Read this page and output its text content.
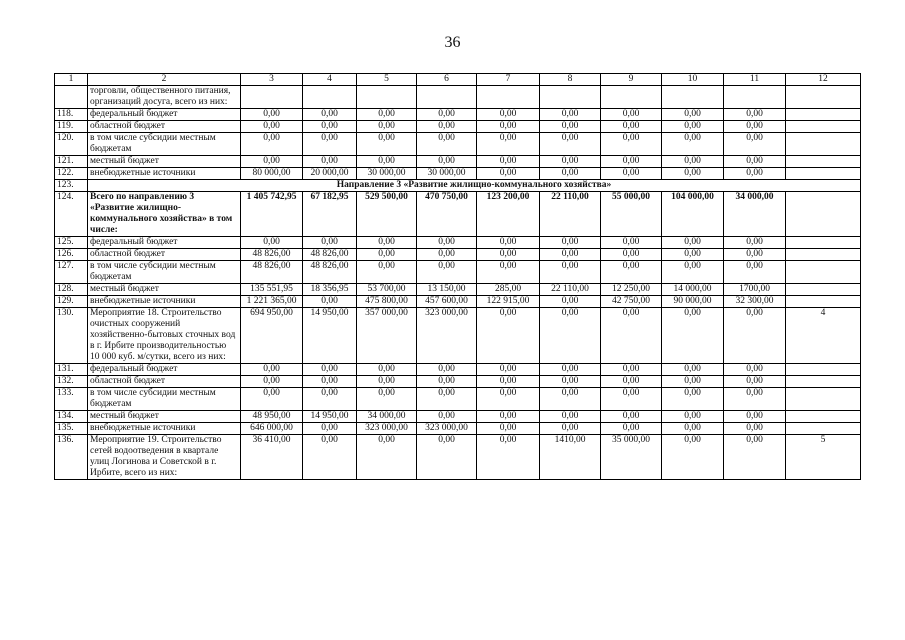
36
1	2	3	4	5	6	7	8	9	10	11	12
	торговли, общественного питания, организаций досуга, всего из них:										
118.	федеральный бюджет	0,00	0,00	0,00	0,00	0,00	0,00	0,00	0,00	0,00	
119.	областной бюджет	0,00	0,00	0,00	0,00	0,00	0,00	0,00	0,00	0,00	
120.	в том числе субсидии местным бюджетам	0,00	0,00	0,00	0,00	0,00	0,00	0,00	0,00	0,00	
121.	местный бюджет	0,00	0,00	0,00	0,00	0,00	0,00	0,00	0,00	0,00	
122.	внебюджетные источники	80 000,00	20 000,00	30 000,00	30 000,00	0,00	0,00	0,00	0,00	0,00	
123.	Направление 3 «Развитие жилищно-коммунального хозяйства»										
124.	Всего по направлению 3 «Развитие жилищно-коммунального хозяйства» в том числе:	1 405 742,95	67 182,95	529 500,00	470 750,00	123 200,00	22 110,00	55 000,00	104 000,00	34 000,00	
125.	федеральный бюджет	0,00	0,00	0,00	0,00	0,00	0,00	0,00	0,00	0,00	
126.	областной бюджет	48 826,00	48 826,00	0,00	0,00	0,00	0,00	0,00	0,00	0,00	
127.	в том числе субсидии местным бюджетам	48 826,00	48 826,00	0,00	0,00	0,00	0,00	0,00	0,00	0,00	
128.	местный бюджет	135 551,95	18 356,95	53 700,00	13 150,00	285,00	22 110,00	12 250,00	14 000,00	1700,00	
129.	внебюджетные источники	1 221 365,00	0,00	475 800,00	457 600,00	122 915,00	0,00	42 750,00	90 000,00	32 300,00	
130.	Мероприятие 18. Строительство очистных сооружений хозяйственно-бытовых сточных вод в г. Ирбите производительностью 10 000 куб. м/сутки, всего из них:	694 950,00	14 950,00	357 000,00	323 000,00	0,00	0,00	0,00	0,00	0,00	4
131.	федеральный бюджет	0,00	0,00	0,00	0,00	0,00	0,00	0,00	0,00	0,00	
132.	областной бюджет	0,00	0,00	0,00	0,00	0,00	0,00	0,00	0,00	0,00	
133.	в том числе субсидии местным бюджетам	0,00	0,00	0,00	0,00	0,00	0,00	0,00	0,00	0,00	
134.	местный бюджет	48 950,00	14 950,00	34 000,00	0,00	0,00	0,00	0,00	0,00	0,00	
135.	внебюджетные источники	646 000,00	0,00	323 000,00	323 000,00	0,00	0,00	0,00	0,00	0,00	
136.	Мероприятие 19. Строительство сетей водоотведения в квартале улиц Логинова и Советской в г. Ирбите, всего из них:	36 410,00	0,00	0,00	0,00	0,00	1410,00	35 000,00	0,00	0,00	5
